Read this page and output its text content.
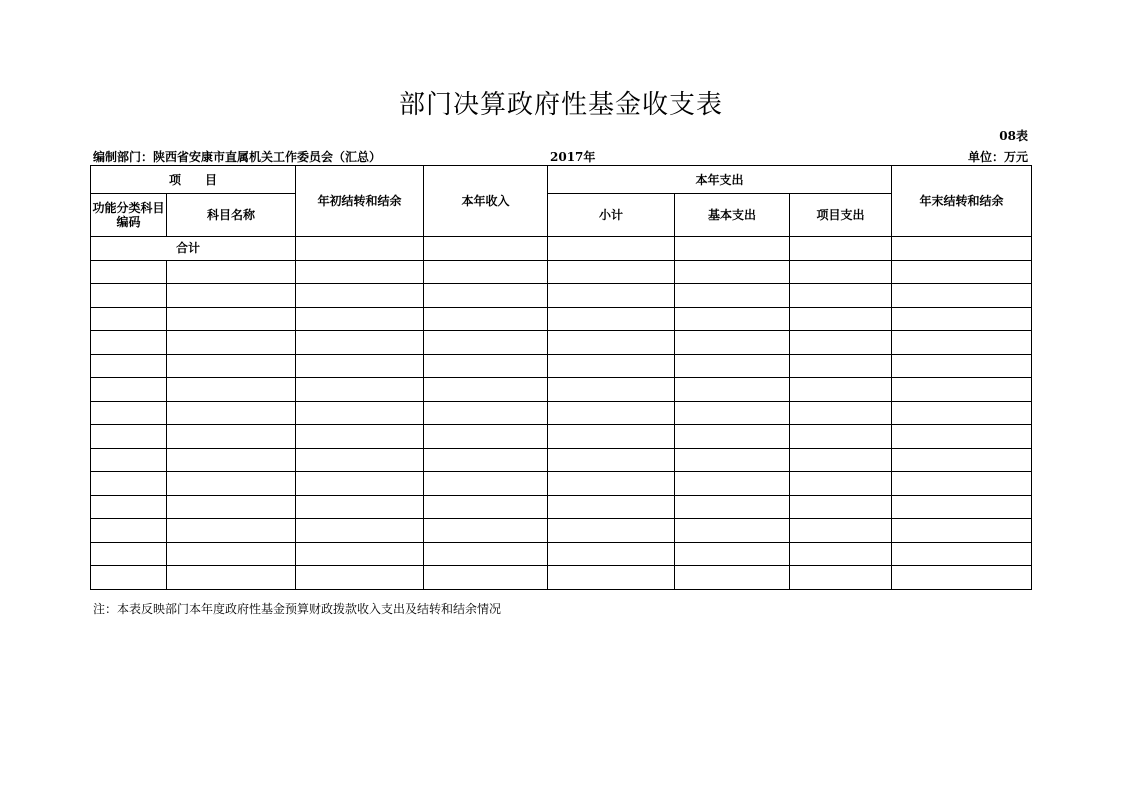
部门决算政府性基金收支表
08表
编制部门：陕西省安康市直属机关工作委员会（汇总）	2017年	单位：万元
项　　目		年初结转和结余	本年收入	本年支出			年末结转和结余
功能分类科目编码	科目名称			小计	基本支出	项目支出	
合计							

注：本表反映部门本年度政府性基金预算财政拨款收入支出及结转和结余情况
